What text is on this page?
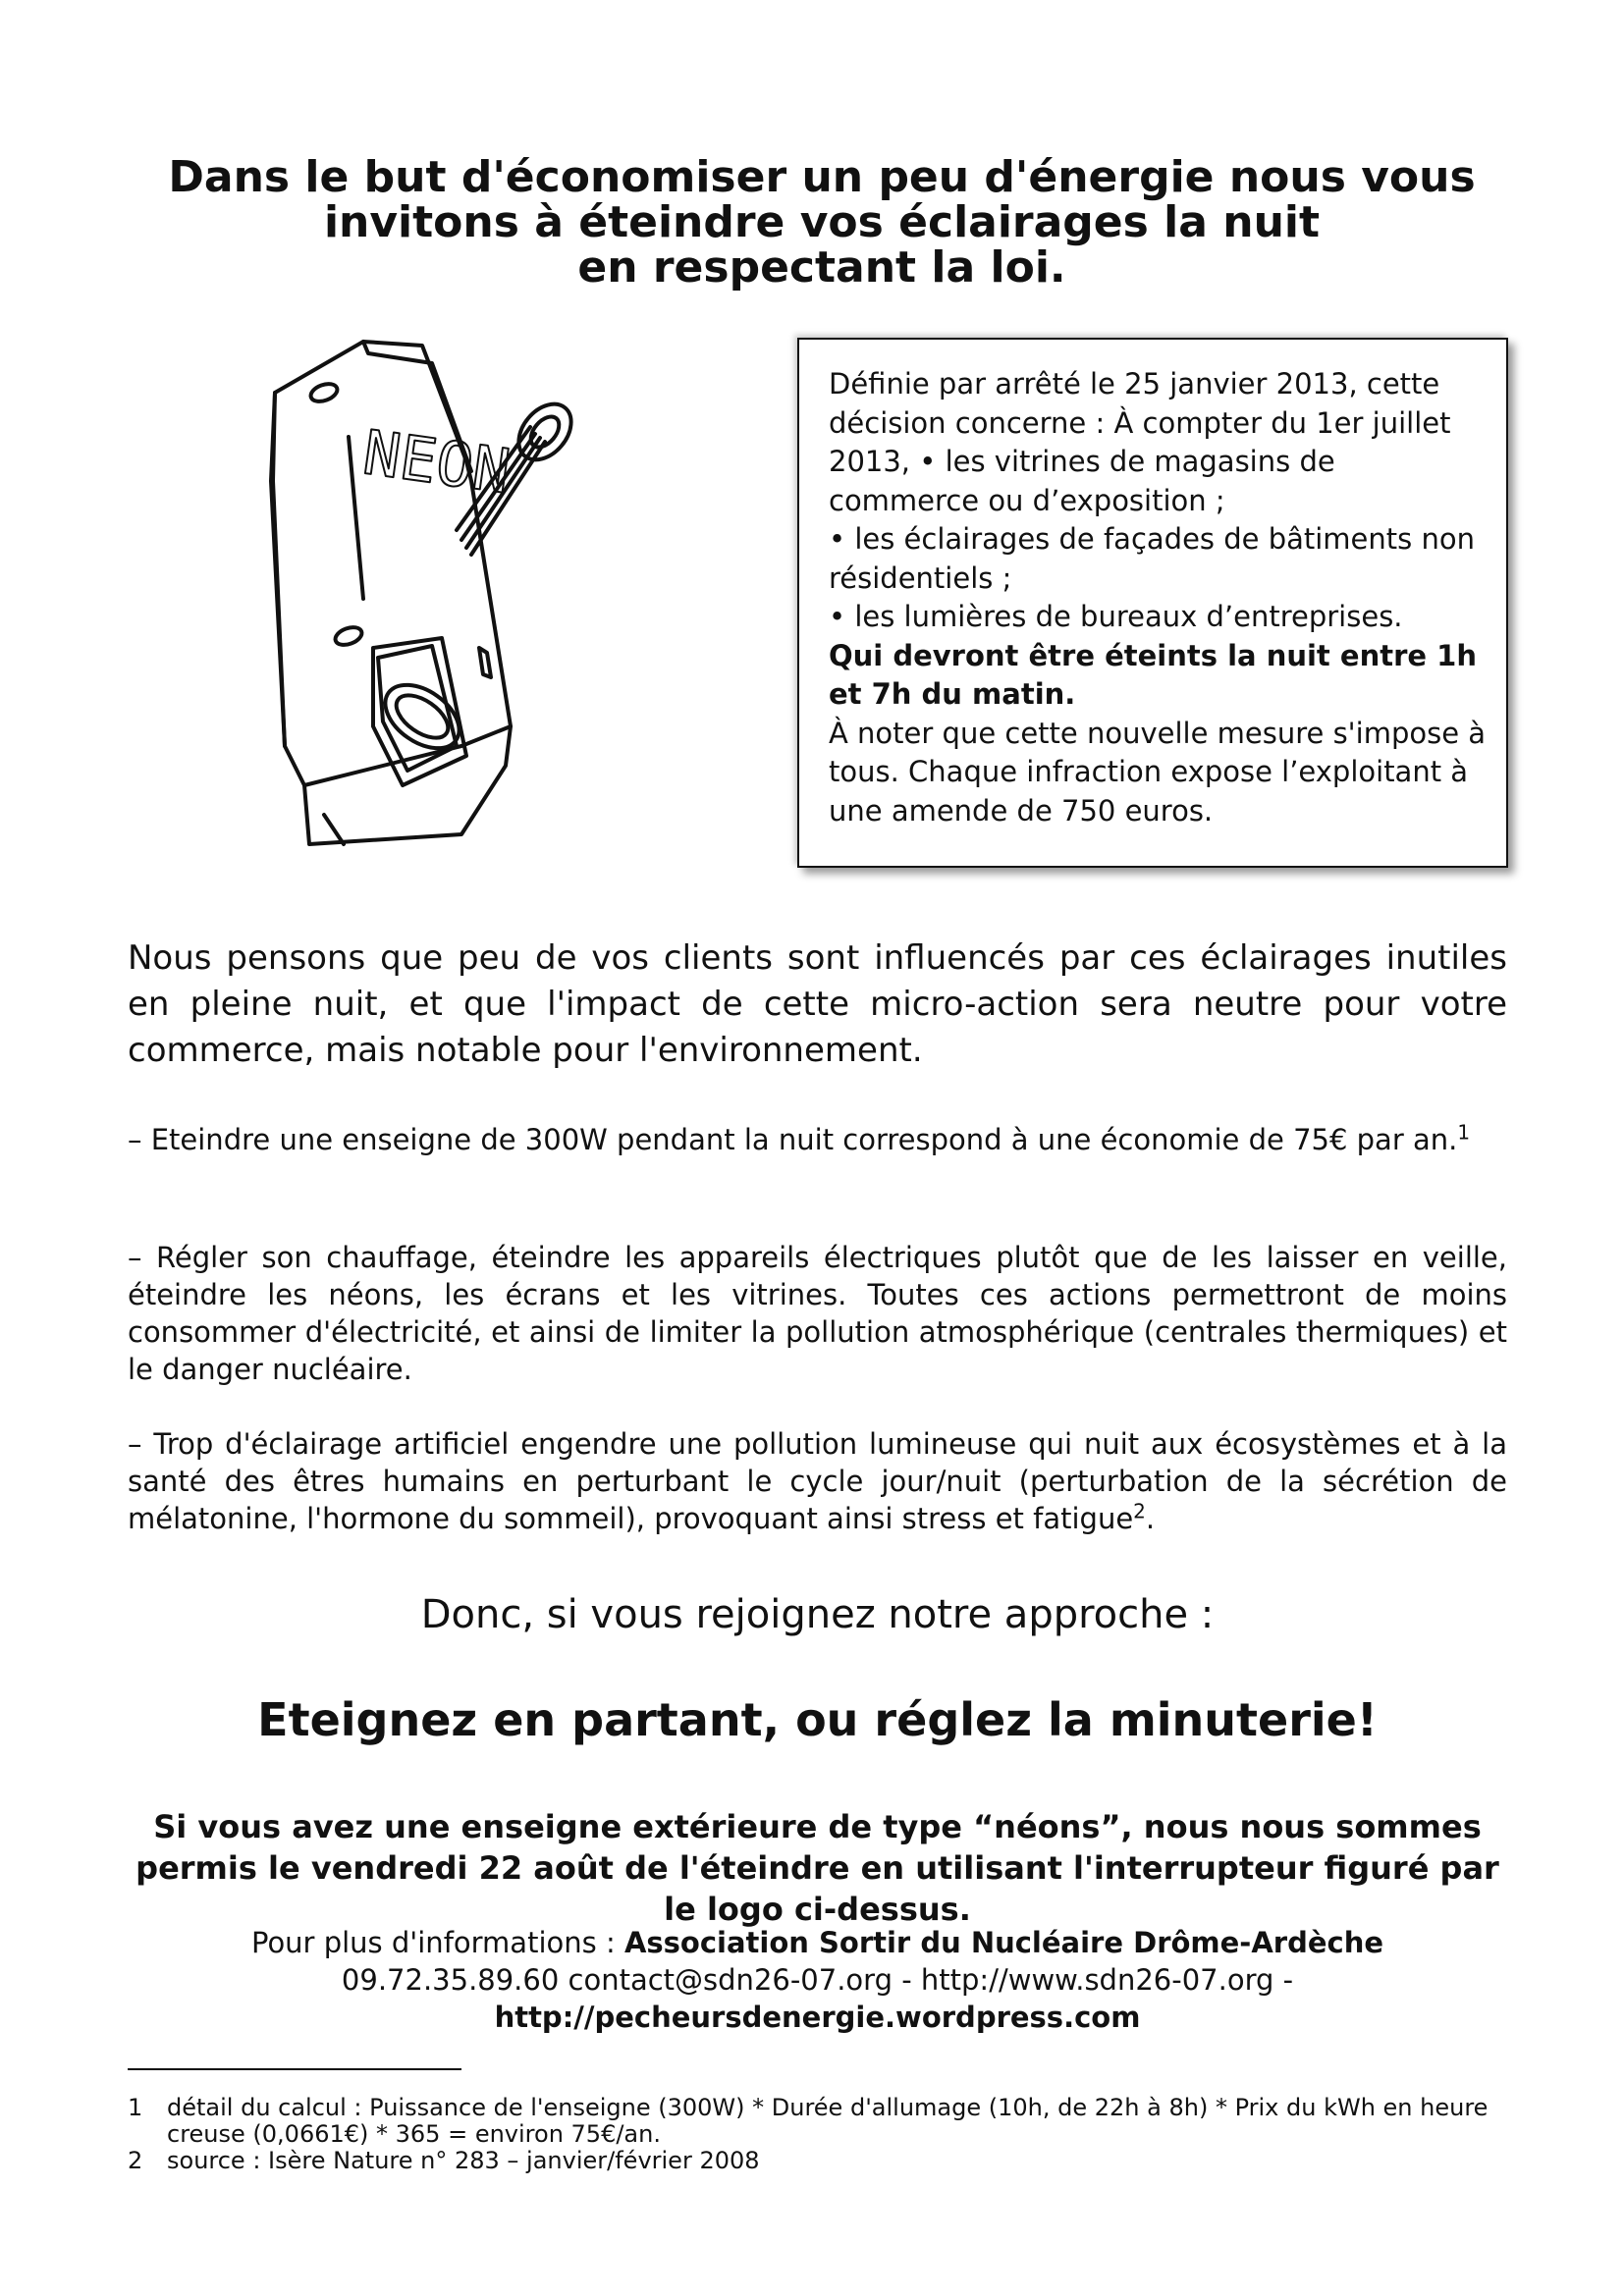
Dans le but d'économiser un peu d'énergie nous vous
invitons à éteindre vos éclairages la nuit
en respectant la loi.
NEON

Définie par arrêté le 25 janvier 2013, cette décision concerne : À compter du 1er juillet 2013, • les vitrines de magasins de commerce ou d’exposition ;

• les éclairages de façades de bâtiments non résidentiels ;

• les lumières de bureaux d’entreprises.

Qui devront être éteints la nuit entre 1h et 7h du matin.

À noter que cette nouvelle mesure s'impose à tous. Chaque infraction expose l’exploitant à une amende de 750 euros.

Nous pensons que peu de vos clients sont influencés par ces éclairages inutiles en pleine nuit, et que l'impact de cette micro-action sera neutre pour votre commerce, mais notable pour l'environnement.

– Eteindre une enseigne de 300W pendant la nuit correspond à une économie de 75€ par an.$^1$

– Régler son chauffage, éteindre les appareils électriques plutôt que de les laisser en veille, éteindre les néons, les écrans et les vitrines. Toutes ces actions permettront de moins consommer d'électricité, et ainsi de limiter la pollution atmosphérique (centrales thermiques) et le danger nucléaire.

– Trop d'éclairage artificiel engendre une pollution lumineuse qui nuit aux écosystèmes et à la santé des êtres humains en perturbant le cycle jour/nuit (perturbation de la sécrétion de mélatonine, l'hormone du sommeil), provoquant ainsi stress et fatigue$^2$.

Donc, si vous rejoignez notre approche :

Eteignez en partant, ou réglez la minuterie!

Si vous avez une enseigne extérieure de type “néons”, nous nous sommes permis le vendredi 22 août de l'éteindre en utilisant l'interrupteur figuré par le logo ci-dessus.

Pour plus d'informations : Association Sortir du Nucléaire Drôme-Ardèche
09.72.35.89.60 contact@sdn26-07.org - http://www.sdn26-07.org -
http://pecheursdenergie.wordpress.com
1	détail du calcul : Puissance de l'enseigne (300W) * Durée d'allumage (10h, de 22h à 8h) * Prix du kWh en heure creuse (0,0661€) * 365 = environ 75€/an.
2	source : Isère Nature n° 283 – janvier/février 2008
